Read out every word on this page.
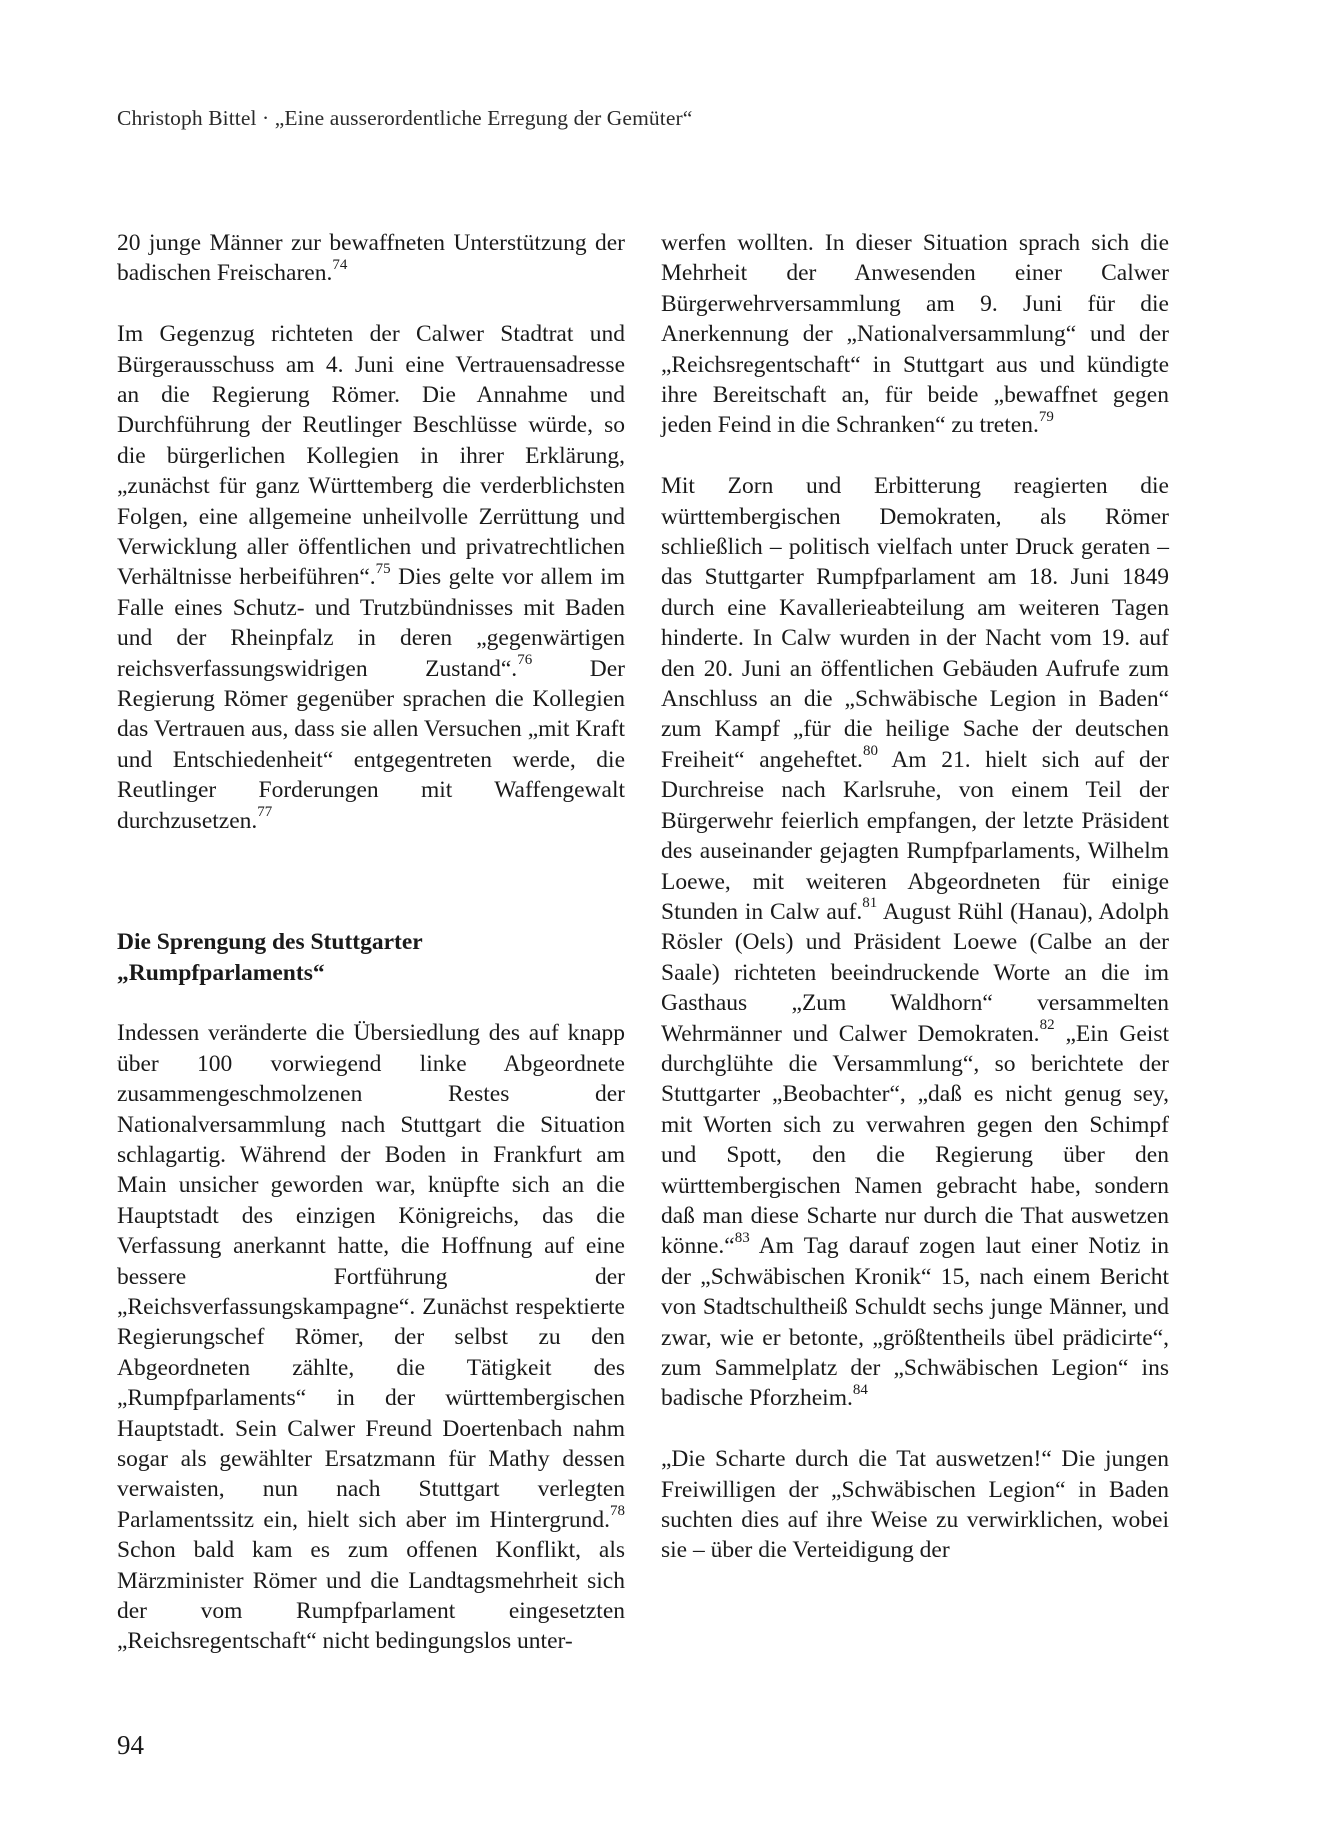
Christoph Bittel · „Eine ausserordentliche Erregung der Gemüter“

20 junge Männer zur bewaffneten Unterstützung der badischen Freischaren.$^{74}$

Im Gegenzug richteten der Calwer Stadtrat und Bürgerausschuss am 4. Juni eine Vertrauensadresse an die Regierung Römer. Die Annahme und Durchführung der Reutlinger Beschlüsse würde, so die bürgerlichen Kollegien in ihrer Erklärung, „zunächst für ganz Württemberg die verderblichsten Folgen, eine allgemeine unheilvolle Zerrüttung und Verwicklung aller öffentlichen und privatrechtlichen Verhältnisse herbeiführen“.$^{75}$ Dies gelte vor allem im Falle eines Schutz- und Trutzbündnisses mit Baden und der Rheinpfalz in deren „gegenwärtigen reichsverfassungswidrigen Zustand“.$^{76}$ Der Regierung Römer gegenüber sprachen die Kollegien das Vertrauen aus, dass sie allen Versuchen „mit Kraft und Entschiedenheit“ entgegentreten werde, die Reutlinger Forderungen mit Waffengewalt durchzusetzen.$^{77}$

Die Sprengung des Stuttgarter
„Rumpfparlaments“

Indessen veränderte die Übersiedlung des auf knapp über 100 vorwiegend linke Abgeordnete zusammengeschmolzenen Restes der Nationalversammlung nach Stuttgart die Situation schlagartig. Während der Boden in Frankfurt am Main unsicher geworden war, knüpfte sich an die Hauptstadt des einzigen Königreichs, das die Verfassung anerkannt hatte, die Hoffnung auf eine bessere Fortführung der „Reichsverfassungskampagne“. Zunächst respektierte Regierungschef Römer, der selbst zu den Abgeordneten zählte, die Tätigkeit des „Rumpfparlaments“ in der württembergischen Hauptstadt. Sein Calwer Freund Doertenbach nahm sogar als gewählter Ersatzmann für Mathy dessen verwaisten, nun nach Stuttgart verlegten Parlamentssitz ein, hielt sich aber im Hintergrund.$^{78}$ Schon bald kam es zum offenen Konflikt, als Märzminister Römer und die Landtagsmehrheit sich der vom Rumpfparlament eingesetzten „Reichsregentschaft“ nicht bedingungslos unter-

werfen wollten. In dieser Situation sprach sich die Mehrheit der Anwesenden einer Calwer Bürgerwehrversammlung am 9. Juni für die Anerkennung der „Nationalversammlung“ und der „Reichsregentschaft“ in Stuttgart aus und kündigte ihre Bereitschaft an, für beide „bewaffnet gegen jeden Feind in die Schranken“ zu treten.$^{79}$

Mit Zorn und Erbitterung reagierten die württembergischen Demokraten, als Römer schließlich – politisch vielfach unter Druck geraten – das Stuttgarter Rumpfparlament am 18. Juni 1849 durch eine Kavallerieabteilung am weiteren Tagen hinderte. In Calw wurden in der Nacht vom 19. auf den 20. Juni an öffentlichen Gebäuden Aufrufe zum Anschluss an die „Schwäbische Legion in Baden“ zum Kampf „für die heilige Sache der deutschen Freiheit“ angeheftet.$^{80}$ Am 21. hielt sich auf der Durchreise nach Karlsruhe, von einem Teil der Bürgerwehr feierlich empfangen, der letzte Präsident des auseinander gejagten Rumpfparlaments, Wilhelm Loewe, mit weiteren Abgeordneten für einige Stunden in Calw auf.$^{81}$ August Rühl (Hanau), Adolph Rösler (Oels) und Präsident Loewe (Calbe an der Saale) richteten beeindruckende Worte an die im Gasthaus „Zum Waldhorn“ versammelten Wehrmänner und Calwer Demokraten.$^{82}$ „Ein Geist durchglühte die Versammlung“, so berichtete der Stuttgarter „Beobachter“, „daß es nicht genug sey, mit Worten sich zu verwahren gegen den Schimpf und Spott, den die Regierung über den württembergischen Namen gebracht habe, sondern daß man diese Scharte nur durch die That auswetzen könne.“$^{83}$ Am Tag darauf zogen laut einer Notiz in der „Schwäbischen Kronik“ 15, nach einem Bericht von Stadtschultheiß Schuldt sechs junge Männer, und zwar, wie er betonte, „größtentheils übel prädicirte“, zum Sammelplatz der „Schwäbischen Legion“ ins badische Pforzheim.$^{84}$

„Die Scharte durch die Tat auswetzen!“ Die jungen Freiwilligen der „Schwäbischen Legion“ in Baden suchten dies auf ihre Weise zu verwirklichen, wobei sie – über die Verteidigung der

94
